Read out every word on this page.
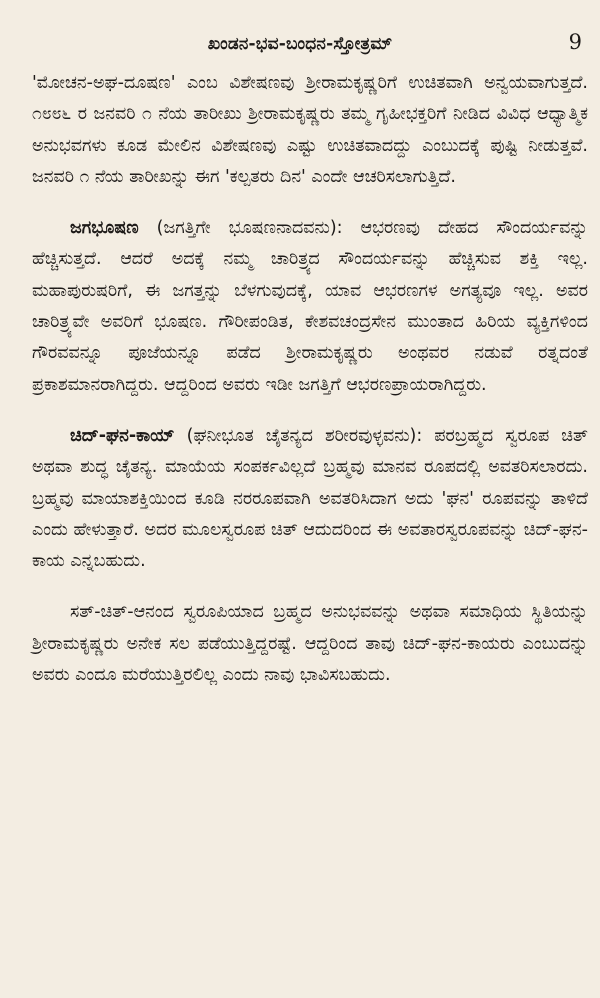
ಖಂಡನ-ಭವ-ಬಂಧನ-ಸ್ತೋತ್ರಮ್	9

'ಮೋಚನ-ಅಘ-ದೂಷಣ' ಎಂಬ ವಿಶೇಷಣವು ಶ್ರೀರಾಮಕೃಷ್ಣರಿಗೆ ಉಚಿತವಾಗಿ ಅನ್ವಯವಾಗುತ್ತದೆ. ೧೮೮೬ ರ ಜನವರಿ ೧ ನೆಯ ತಾರೀಖು ಶ್ರೀರಾಮಕೃಷ್ಣರು ತಮ್ಮ ಗೃಹೀಭಕ್ತರಿಗೆ ನೀಡಿದ ವಿವಿಧ ಆಧ್ಯಾತ್ಮಿಕ ಅನುಭವಗಳು ಕೂಡ ಮೇಲಿನ ವಿಶೇಷಣವು ಎಷ್ಟು ಉಚಿತವಾದದ್ದು ಎಂಬುದಕ್ಕೆ ಪುಷ್ಟಿ ನೀಡುತ್ತವೆ. ಜನವರಿ ೧ ನೆಯ ತಾರೀಖನ್ನು ಈಗ 'ಕಲ್ಪತರು ದಿನ' ಎಂದೇ ಆಚರಿಸಲಾಗುತ್ತಿದೆ.

ಜಗಭೂಷಣ (ಜಗತ್ತಿಗೇ ಭೂಷಣನಾದವನು): ಆಭರಣವು ದೇಹದ ಸೌಂದರ್ಯವನ್ನು ಹೆಚ್ಚಿಸುತ್ತದೆ. ಆದರೆ ಅದಕ್ಕೆ ನಮ್ಮ ಚಾರಿತ್ರ್ಯದ ಸೌಂದರ್ಯವನ್ನು ಹೆಚ್ಚಿಸುವ ಶಕ್ತಿ ಇಲ್ಲ. ಮಹಾಪುರುಷರಿಗೆ, ಈ ಜಗತ್ತನ್ನು ಬೆಳಗುವುದಕ್ಕೆ, ಯಾವ ಆಭರಣಗಳ ಅಗತ್ಯವೂ ಇಲ್ಲ. ಅವರ ಚಾರಿತ್ರ್ಯವೇ ಅವರಿಗೆ ಭೂಷಣ. ಗೌರೀಪಂಡಿತ, ಕೇಶವಚಂದ್ರಸೇನ ಮುಂತಾದ ಹಿರಿಯ ವ್ಯಕ್ತಿಗಳಿಂದ ಗೌರವವನ್ನೂ ಪೂಜೆಯನ್ನೂ ಪಡೆದ ಶ್ರೀರಾಮಕೃಷ್ಣರು ಅಂಥವರ ನಡುವೆ ರತ್ನದಂತೆ ಪ್ರಕಾಶಮಾನರಾಗಿದ್ದರು. ಆದ್ದರಿಂದ ಅವರು ಇಡೀ ಜಗತ್ತಿಗೆ ಆಭರಣಪ್ರಾಯರಾಗಿದ್ದರು.

ಚಿದ್-ಘನ-ಕಾಯ್ (ಘನೀಭೂತ ಚೈತನ್ಯದ ಶರೀರವುಳ್ಳವನು): ಪರಬ್ರಹ್ಮದ ಸ್ವರೂಪ ಚಿತ್ ಅಥವಾ ಶುದ್ಧ ಚೈತನ್ಯ. ಮಾಯೆಯ ಸಂಪರ್ಕವಿಲ್ಲದೆ ಬ್ರಹ್ಮವು ಮಾನವ ರೂಪದಲ್ಲಿ ಅವತರಿಸಲಾರದು. ಬ್ರಹ್ಮವು ಮಾಯಾಶಕ್ತಿಯಿಂದ ಕೂಡಿ ನರರೂಪವಾಗಿ ಅವತರಿಸಿದಾಗ ಅದು 'ಘನ' ರೂಪವನ್ನು ತಾಳಿದೆ ಎಂದು ಹೇಳುತ್ತಾರೆ. ಅದರ ಮೂಲಸ್ವರೂಪ ಚಿತ್ ಆದುದರಿಂದ ಈ ಅವತಾರಸ್ವರೂಪವನ್ನು ಚಿದ್-ಘನ-ಕಾಯ ಎನ್ನಬಹುದು.

ಸತ್-ಚಿತ್-ಆನಂದ ಸ್ವರೂಪಿಯಾದ ಬ್ರಹ್ಮದ ಅನುಭವವನ್ನು ಅಥವಾ ಸಮಾಧಿಯ ಸ್ಥಿತಿಯನ್ನು ಶ್ರೀರಾಮಕೃಷ್ಣರು ಅನೇಕ ಸಲ ಪಡೆಯುತ್ತಿದ್ದರಷ್ಟೆ. ಆದ್ದರಿಂದ ತಾವು ಚಿದ್-ಘನ-ಕಾಯರು ಎಂಬುದನ್ನು ಅವರು ಎಂದೂ ಮರೆಯುತ್ತಿರಲಿಲ್ಲ ಎಂದು ನಾವು ಭಾವಿಸಬಹುದು.
